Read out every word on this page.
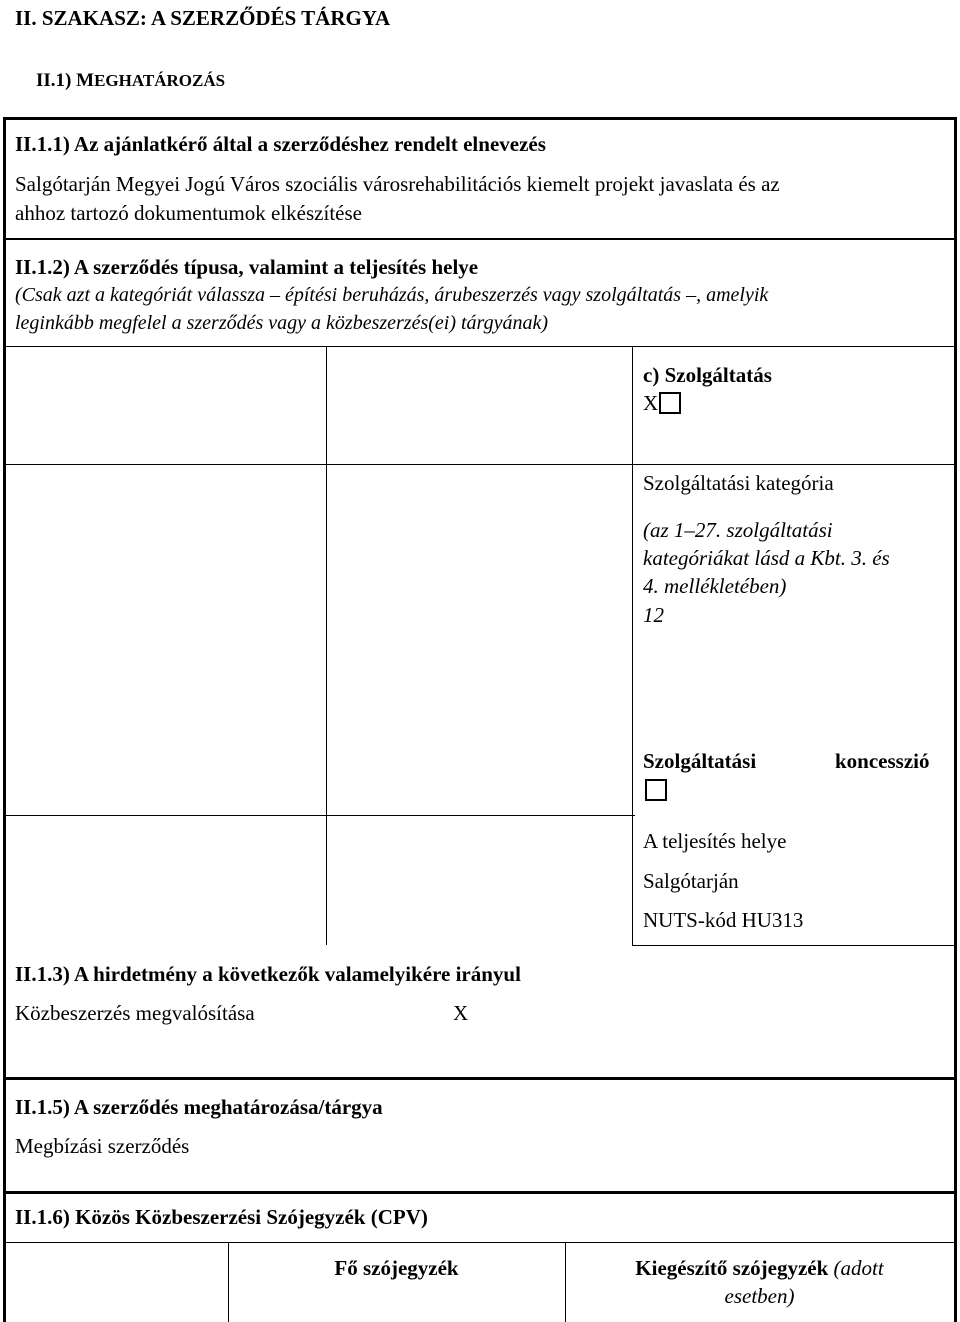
II. SZAKASZ: A SZERZŐDÉS TÁRGYA
II.1) MEGHATÁROZÁS
II.1.1) Az ajánlatkérő által a szerződéshez rendelt elnevezés
Salgótarján Megyei Jogú Város szociális városrehabilitációs kiemelt projekt javaslata és az
ahhoz tartozó dokumentumok elkészítése
II.1.2) A szerződés típusa, valamint a teljesítés helye
(Csak azt a kategóriát válassza – építési beruházás, árubeszerzés vagy szolgáltatás –, amelyik
leginkább megfelel a szerződés vagy a közbeszerzés(ei) tárgyának)
c) Szolgáltatás
X
Szolgáltatási kategória
(az 1–27. szolgáltatási
kategóriákat lásd a Kbt. 3. és
4. mellékletében)
12
Szolgáltatási	koncesszió
A teljesítés helye
Salgótarján
NUTS-kód HU313
II.1.3) A hirdetmény a következők valamelyikére irányul
Közbeszerzés megvalósítása	X
II.1.5) A szerződés meghatározása/tárgya
Megbízási szerződés
II.1.6) Közös Közbeszerzési Szójegyzék (CPV)
Fő szójegyzék	Kiegészítő szójegyzék (adott
esetben)
